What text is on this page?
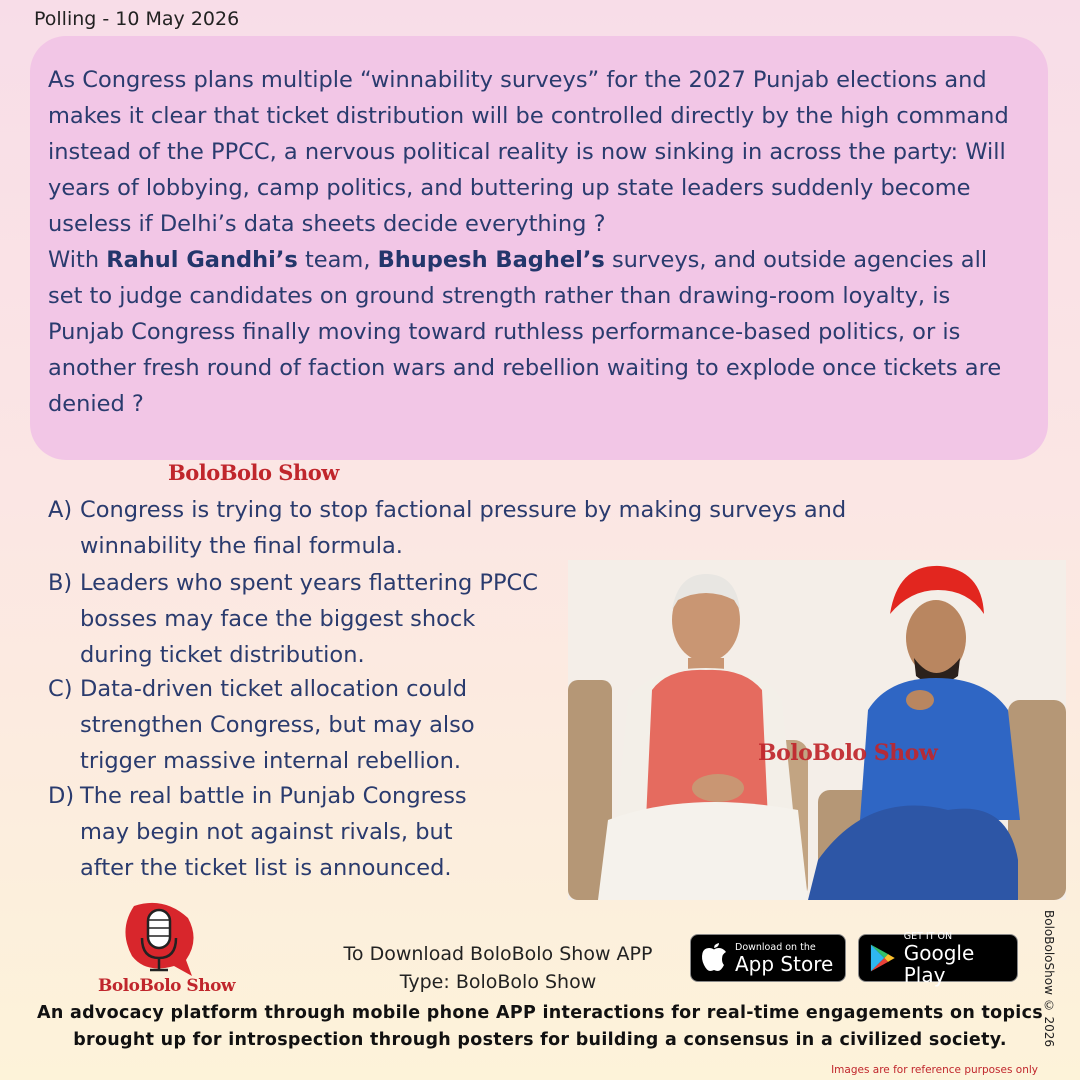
Polling - 10 May 2026

As Congress plans multiple “winnability surveys” for the 2027 Punjab elections and makes it clear that ticket distribution will be controlled directly by the high command instead of the PPCC, a nervous political reality is now sinking in across the party: Will years of lobbying, camp politics, and buttering up state leaders suddenly become useless if Delhi’s data sheets decide everything ?

With Rahul Gandhi’s team, Bhupesh Baghel’s surveys, and outside agencies all set to judge candidates on ground strength rather than drawing-room loyalty, is Punjab Congress finally moving toward ruthless performance-based politics, or is another fresh round of faction wars and rebellion waiting to explode once tickets are denied ?

BoloBolo Show
A) Congress is trying to stop factional pressure by making surveys and
winnability the final formula.
B) Leaders who spent years flattering PPCC
bosses may face the biggest shock
during ticket distribution.
C) Data-driven ticket allocation could
strengthen Congress, but may also
trigger massive internal rebellion.
D) The real battle in Punjab Congress
may begin not against rivals, but
after the ticket list is announced.
BoloBolo Show
BoloBolo Show
To Download BoloBolo Show APP
Type: BoloBolo Show
Download on the
App Store
GET IT ON
Google Play
An advocacy platform through mobile phone APP interactions for real-time engagements on topics
brought up for introspection through posters for building a consensus in a civilized society.	BoloBoloShow © 2026
Images are for reference purposes only
